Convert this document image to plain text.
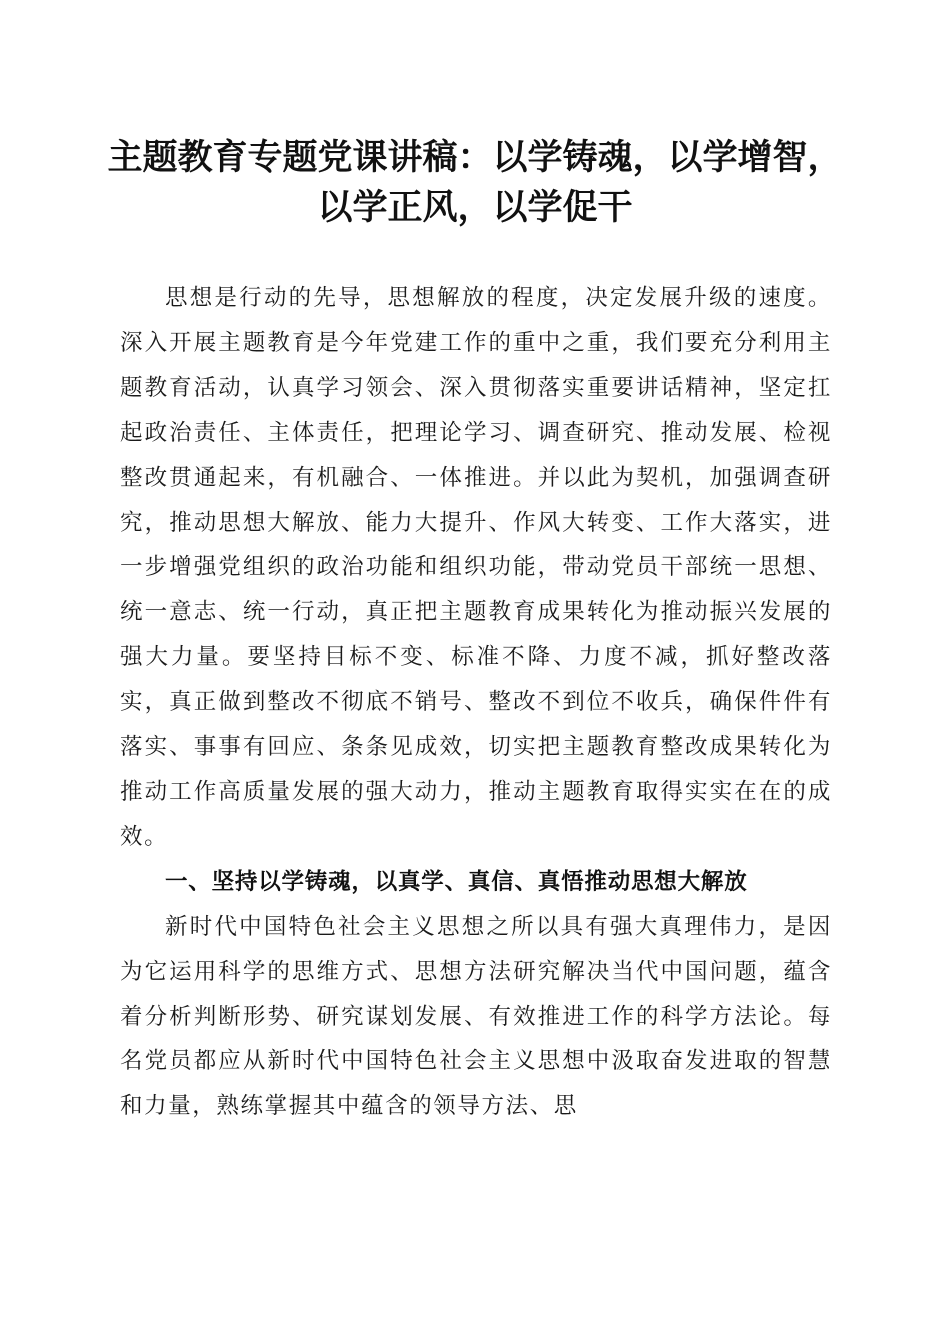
主题教育专题党课讲稿：以学铸魂，以学增智，
以学正风，以学促干

思想是行动的先导，思想解放的程度，决定发展升级的速度。深入开展主题教育是今年党建工作的重中之重，我们要充分利用主题教育活动，认真学习领会、深入贯彻落实重要讲话精神，坚定扛起政治责任、主体责任，把理论学习、调查研究、推动发展、检视整改贯通起来，有机融合、一体推进。并以此为契机，加强调查研究，推动思想大解放、能力大提升、作风大转变、工作大落实，进一步增强党组织的政治功能和组织功能，带动党员干部统一思想、统一意志、统一行动，真正把主题教育成果转化为推动振兴发展的强大力量。要坚持目标不变、标准不降、力度不减，抓好整改落实，真正做到整改不彻底不销号、整改不到位不收兵，确保件件有落实、事事有回应、条条见成效，切实把主题教育整改成果转化为推动工作高质量发展的强大动力，推动主题教育取得实实在在的成效。

一、坚持以学铸魂，以真学、真信、真悟推动思想大解放

新时代中国特色社会主义思想之所以具有强大真理伟力，是因为它运用科学的思维方式、思想方法研究解决当代中国问题，蕴含着分析判断形势、研究谋划发展、有效推进工作的科学方法论。每名党员都应从新时代中国特色社会主义思想中汲取奋发进取的智慧和力量，熟练掌握其中蕴含的领导方法、思
